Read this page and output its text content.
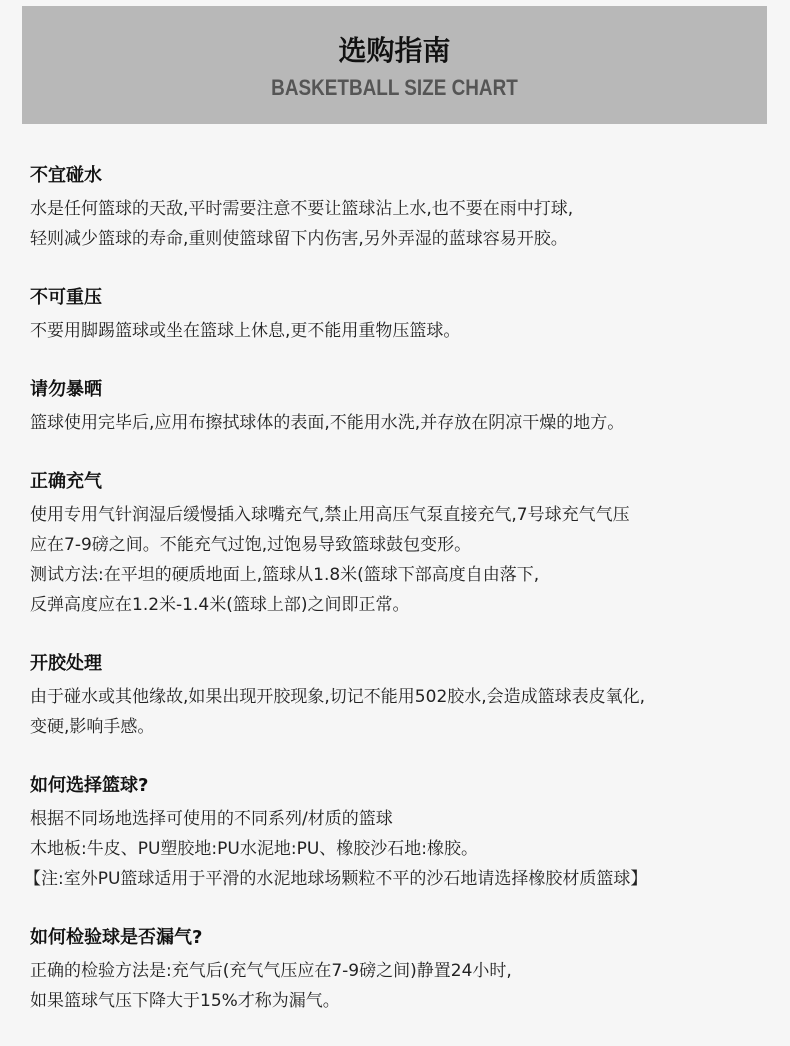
选购指南
BASKETBALL SIZE CHART
不宜碰水
水是任何篮球的天敌,平时需要注意不要让篮球沾上水,也不要在雨中打球,
轻则减少篮球的寿命,重则使篮球留下内伤害,另外弄湿的蓝球容易开胶。
不可重压
不要用脚踢篮球或坐在篮球上休息,更不能用重物压篮球。
请勿暴晒
篮球使用完毕后,应用布擦拭球体的表面,不能用水洗,并存放在阴凉干燥的地方。
正确充气
使用专用气针润湿后缓慢插入球嘴充气,禁止用高压气泵直接充气,7号球充气气压
应在7-9磅之间。不能充气过饱,过饱易导致篮球鼓包变形。
测试方法:在平坦的硬质地面上,篮球从1.8米(篮球下部高度自由落下,
反弹高度应在1.2米-1.4米(篮球上部)之间即正常。
开胶处理
由于碰水或其他缘故,如果出现开胶现象,切记不能用502胶水,会造成篮球表皮氧化,
变硬,影响手感。
如何选择篮球?
根据不同场地选择可使用的不同系列/材质的篮球
木地板:牛皮、PU塑胶地:PU水泥地:PU、橡胶沙石地:橡胶。
【注:室外PU篮球适用于平滑的水泥地球场颗粒不平的沙石地请选择橡胶材质篮球】
如何检验球是否漏气?
正确的检验方法是:充气后(充气气压应在7-9磅之间)静置24小时,
如果篮球气压下降大于15%才称为漏气。
